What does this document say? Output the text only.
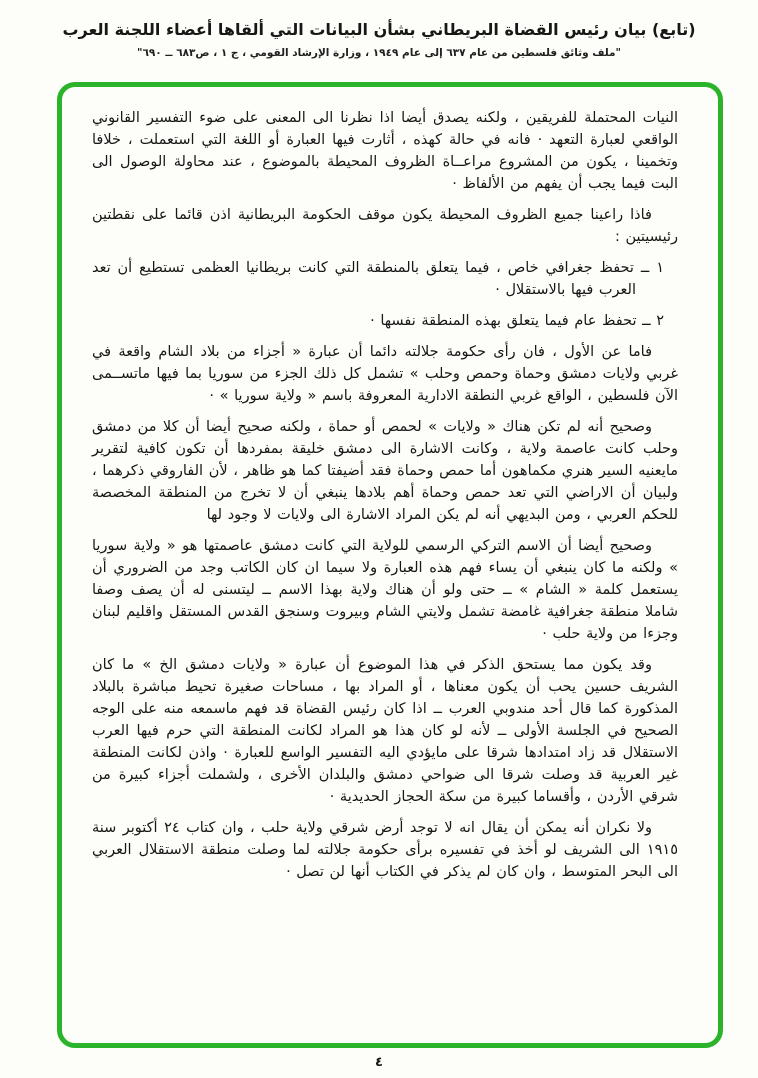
(تابع) بيان رئيس القضاة البريطاني بشأن البيانات التي ألقاها أعضاء اللجنة العرب
"ملف وثائق فلسطين من عام ٦٣٧ إلى عام ١٩٤٩ ، وزارة الإرشاد القومي ، ج ١ ، ص٦٨٣ ــ ٦٩٠"

النيات المحتملة للفريقين ، ولكنه يصدق أيضا اذا نظرنا الى المعنى على ضوء التفسير القانوني الواقعي لعبارة التعهد · فانه في حالة كهذه ، أثارت فيها العبارة أو اللغة التي استعملت ، خلافا وتخمينا ، يكون من المشروع مراعــاة الظروف المحيطة بالموضوع ، عند محاولة الوصول الى البت فيما يجب أن يفهم من الألفاظ ·

فاذا راعينا جميع الظروف المحيطة يكون موقف الحكومة البريطانية اذن قائما على نقطتين رئيسيتين :

١ ــ تحفظ جغرافي خاص ، فيما يتعلق بالمنطقة التي كانت بريطانيا العظمى تستطيع أن تعد العرب فيها بالاستقلال ·

٢ ــ تحفظ عام فيما يتعلق بهذه المنطقة نفسها ·

فاما عن الأول ، فان رأى حكومة جلالته دائما أن عبارة « أجزاء من بلاد الشام واقعة في غربي ولايات دمشق وحماة وحمص وحلب » تشمل كل ذلك الجزء من سوريا بما فيها ماتســمى الآن فلسطين ، الواقع غربي النطقة الادارية المعروفة باسم « ولاية سوريا » ·

وصحيح أنه لم تكن هناك « ولايات » لحمص أو حماة ، ولكنه صحيح أيضا أن كلا من دمشق وحلب كانت عاصمة ولاية ، وكانت الاشارة الى دمشق خليقة بمفردها أن تكون كافية لتقرير مايعنيه السير هنري مكماهون أما حمص وحماة فقد أضيفتا كما هو ظاهر ، لأن الفاروقي ذكرهما ، ولبيان أن الاراضي التي تعد حمص وحماة أهم بلادها ينبغي أن لا تخرج من المنطقة المخصصة للحكم العربي ، ومن البديهي أنه لم يكن المراد الاشارة الى ولايات لا وجود لها

وصحيح أيضا أن الاسم التركي الرسمي للولاية التي كانت دمشق عاصمتها هو « ولاية سوريا » ولكنه ما كان ينبغي أن يساء فهم هذه العبارة ولا سيما ان كان الكاتب وجد من الضروري أن يستعمل كلمة « الشام » ــ حتى ولو أن هناك ولاية بهذا الاسم ــ ليتسنى له أن يصف وصفا شاملا منطقة جغرافية غامضة تشمل ولايتي الشام وبيروت وسنجق القدس المستقل واقليم لبنان وجزءا من ولاية حلب ·

وقد يكون مما يستحق الذكر في هذا الموضوع أن عبارة « ولايات دمشق الخ » ما كان الشريف حسين يحب أن يكون معناها ، أو المراد بها ، مساحات صغيرة تحيط مباشرة بالبلاد المذكورة كما قال أحد مندوبي العرب ــ اذا كان رئيس القضاة قد فهم ماسمعه منه على الوجه الصحيح في الجلسة الأولى ــ لأنه لو كان هذا هو المراد لكانت المنطقة التي حرم فيها العرب الاستقلال قد زاد امتدادها شرقا على مايؤدي اليه التفسير الواسع للعبارة · واذن لكانت المنطقة غير العربية قد وصلت شرقا الى ضواحي دمشق والبلدان الأخرى ، ولشملت أجزاء كبيرة من شرقي الأردن ، وأقساما كبيرة من سكة الحجاز الحديدية ·

ولا نكران أنه يمكن أن يقال انه لا توجد أرض شرقي ولاية حلب ، وان كتاب ٢٤ أكتوبر سنة ١٩١٥ الى الشريف لو أخذ في تفسيره برأى حكومة جلالته لما وصلت منطقة الاستقلال العربي الى البحر المتوسط ، وان كان لم يذكر في الكتاب أنها لن تصل ·

٤
